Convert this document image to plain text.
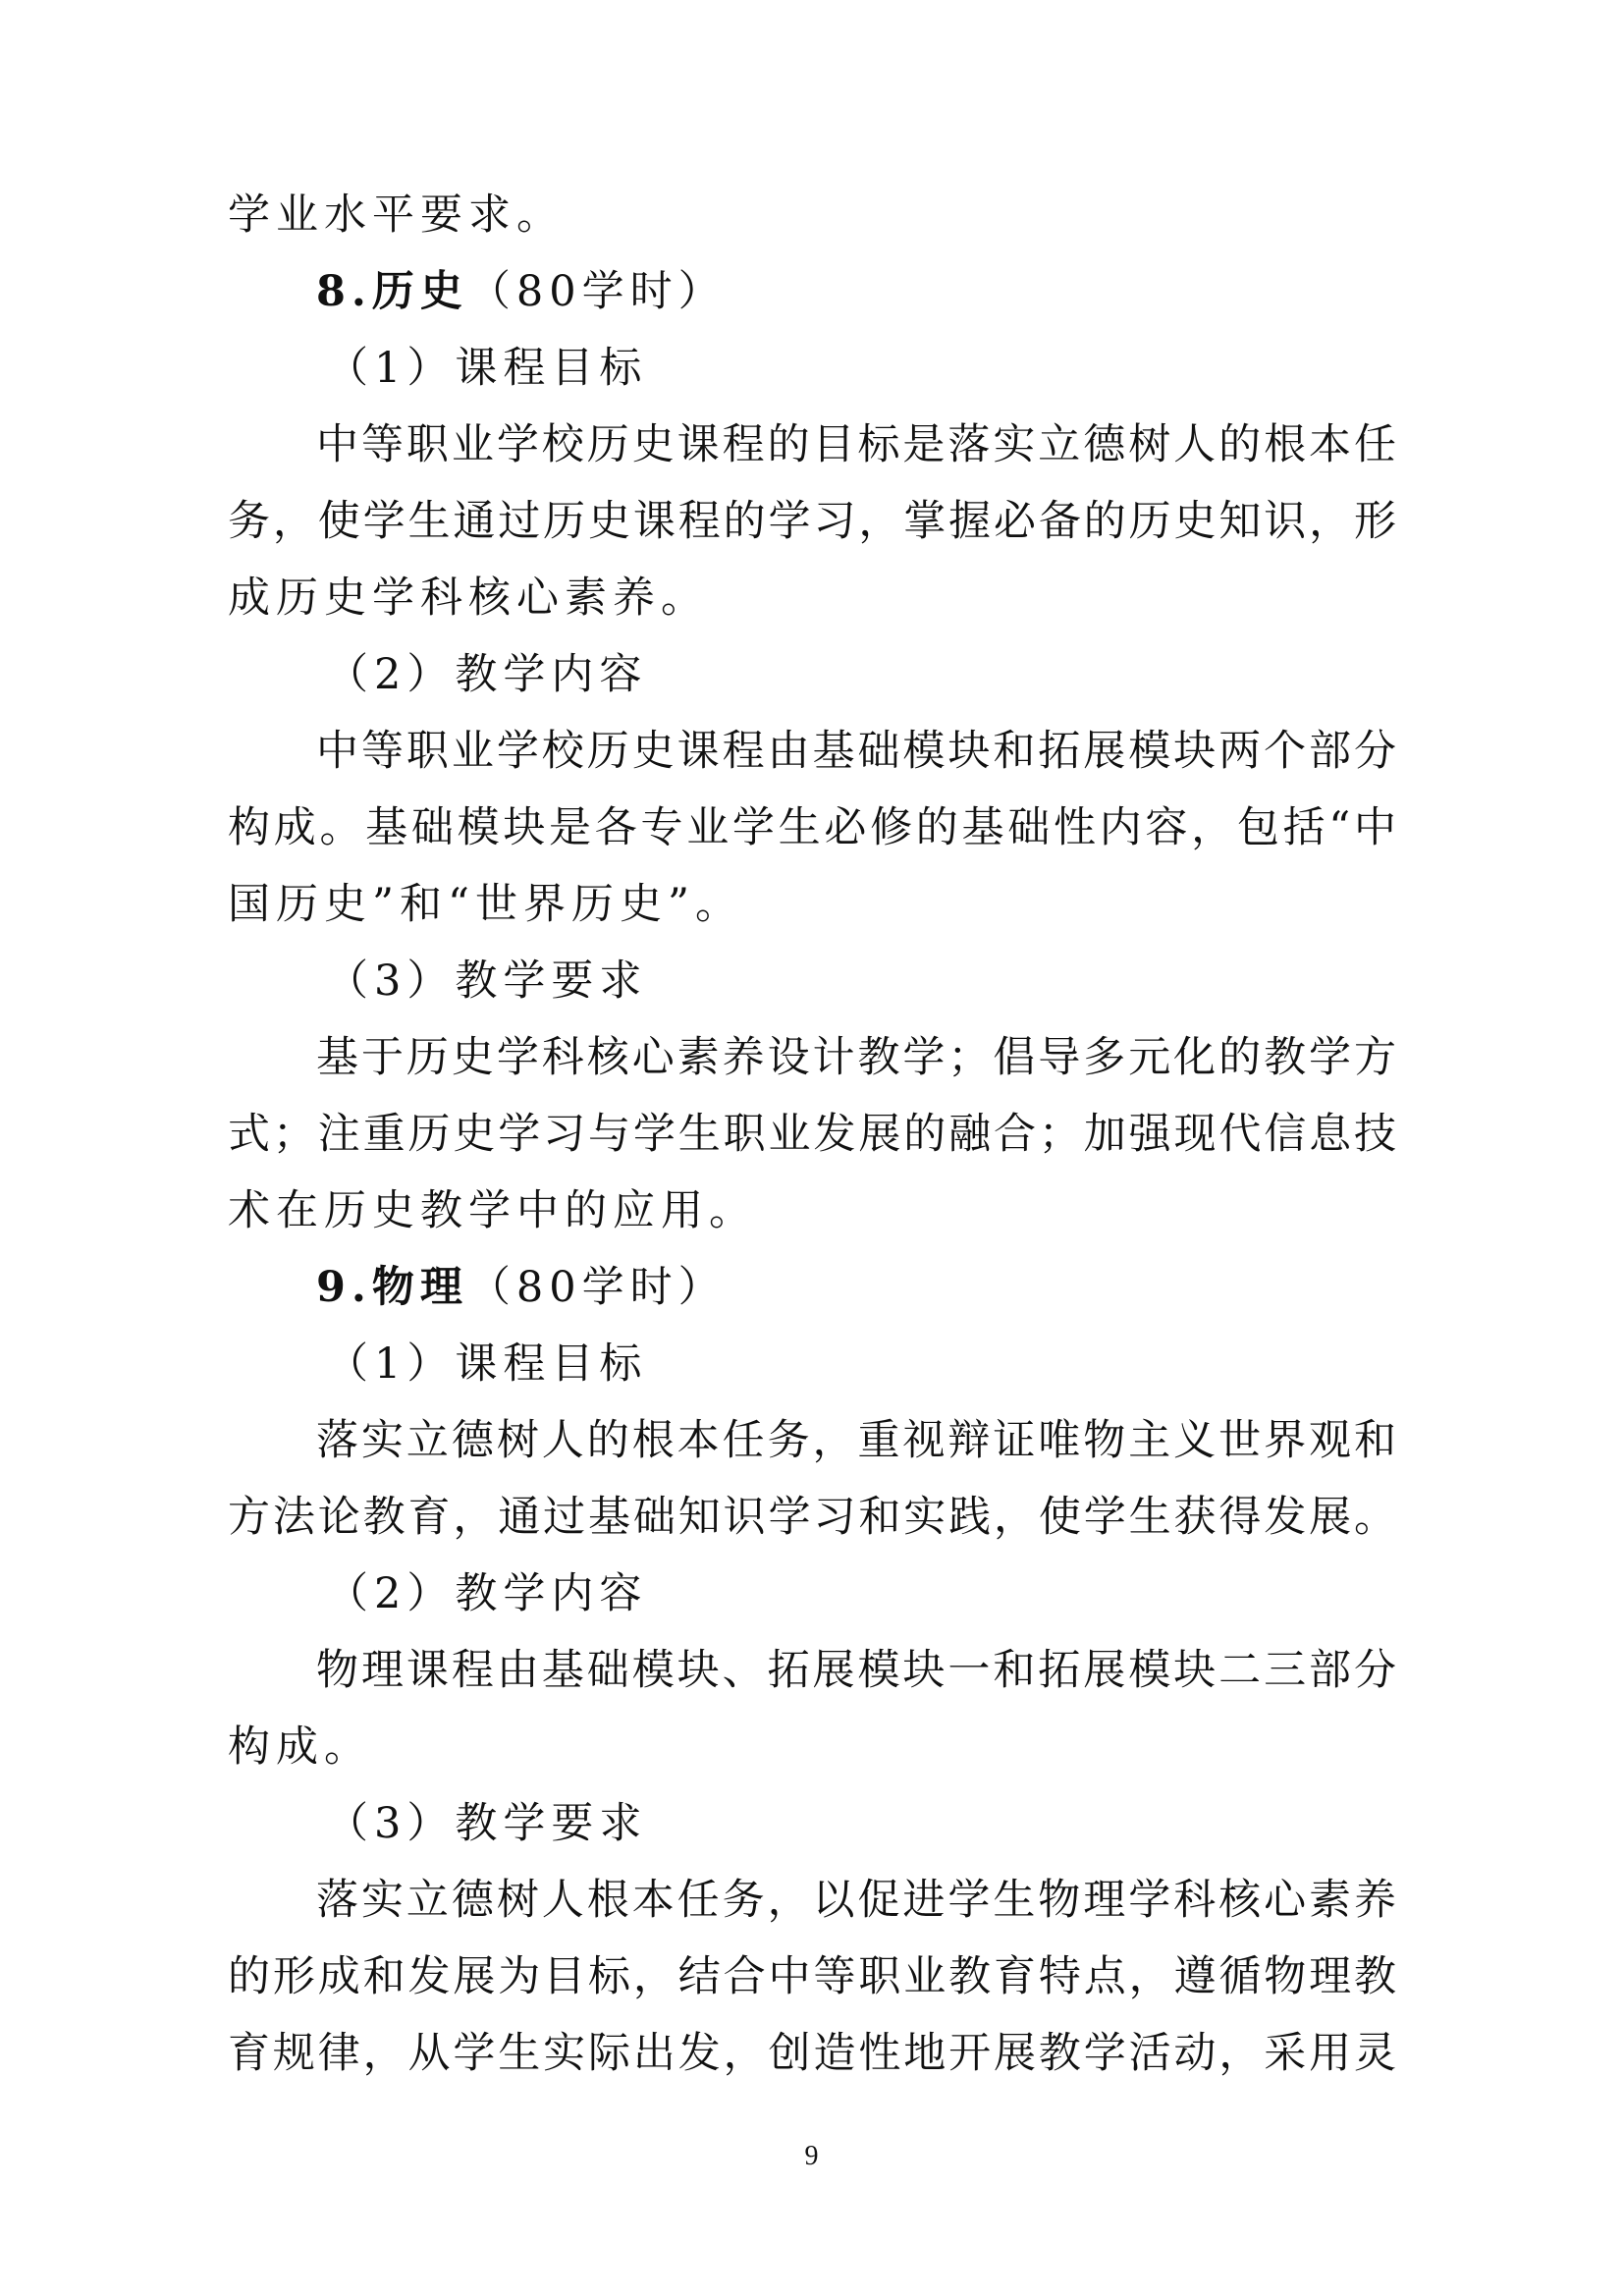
学业水平要求。
8.历史（80学时）
（1）课程目标
中等职业学校历史课程的目标是落实立德树人的根本任
务，使学生通过历史课程的学习，掌握必备的历史知识，形
成历史学科核心素养。
（2）教学内容
中等职业学校历史课程由基础模块和拓展模块两个部分
构成。基础模块是各专业学生必修的基础性内容，包括“中
国历史”和“世界历史”。
（3）教学要求
基于历史学科核心素养设计教学；倡导多元化的教学方
式；注重历史学习与学生职业发展的融合；加强现代信息技
术在历史教学中的应用。
9.物理（80学时）
（1）课程目标
落实立德树人的根本任务，重视辩证唯物主义世界观和
方法论教育，通过基础知识学习和实践，使学生获得发展。
（2）教学内容
物理课程由基础模块、拓展模块一和拓展模块二三部分
构成。
（3）教学要求
落实立德树人根本任务，以促进学生物理学科核心素养
的形成和发展为目标，结合中等职业教育特点，遵循物理教
育规律，从学生实际出发，创造性地开展教学活动，采用灵
9
